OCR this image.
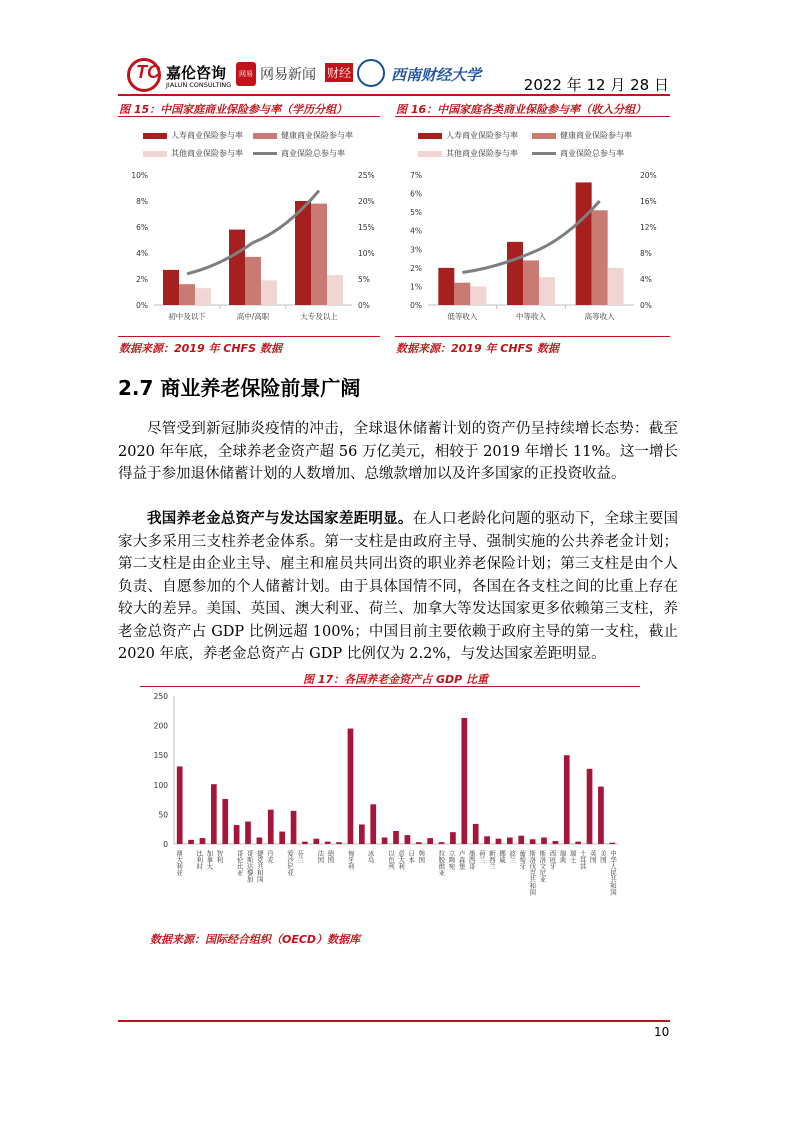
TC 嘉伦咨询
JIALUN CONSULTING
网易 网易新闻 财经	西南财经大学
2022 年 12 月 28 日
图 15：中国家庭商业保险参与率（学历分组）
人寿商业保险参与率	健康商业保险参与率
其他商业保险参与率	商业保险总参与率
0%
2%
4%
6%
8%
10%
0%
5%
10%
15%
20%
25%
初中及以下	高中/高职	大专及以上
数据来源：2019 年 CHFS 数据
图 16：中国家庭各类商业保险参与率（收入分组）
人寿商业保险参与率	健康商业保险参与率
其他商业保险参与率	商业保险总参与率
0%
1%
2%
3%
4%
5%
6%
7%
0%
4%
8%
12%
16%
20%
低等收入	中等收入	高等收入
数据来源：2019 年 CHFS 数据
2.7 商业养老保险前景广阔
尽管受到新冠肺炎疫情的冲击，全球退休储蓄计划的资产仍呈持续增长态势：截至 2020 年年底，全球养老金资产超 56 万亿美元，相较于 2019 年增长 11%。这一增长得益于参加退休储蓄计划的人数增加、总缴款增加以及许多国家的正投资收益。
我国养老金总资产与发达国家差距明显。在人口老龄化问题的驱动下，全球主要国家大多采用三支柱养老金体系。第一支柱是由政府主导、强制实施的公共养老金计划；第二支柱是由企业主导、雇主和雇员共同出资的职业养老保险计划；第三支柱是由个人负责、自愿参加的个人储蓄计划。由于具体国情不同，各国在各支柱之间的比重上存在较大的差异。美国、英国、澳大利亚、荷兰、加拿大等发达国家更多依赖第三支柱，养老金总资产占 GDP 比例远超 100%；中国目前主要依赖于政府主导的第一支柱，截止 2020 年底，养老金总资产占 GDP 比例仅为 2.2%，与发达国家差距明显。
图 17：各国养老金资产占 GDP 比重
0
50
100
150
200
250
澳大利亚 比利时 加拿大 智利 哥伦比亚 哥斯达黎加 捷克共和国 丹麦 爱沙尼亚 芬兰 法国 德国 匈牙利 冰岛 以色列 意大利 日本 韩国 拉脱维亚 立陶宛 卢森堡 墨西哥 荷兰 新西兰 挪威 波兰 葡萄牙 斯洛伐克共和国 斯洛文尼亚 西班牙 瑞典 瑞士 土耳其 英国 美国 中华人民共和国
数据来源：国际经合组织（OECD）数据库
10
